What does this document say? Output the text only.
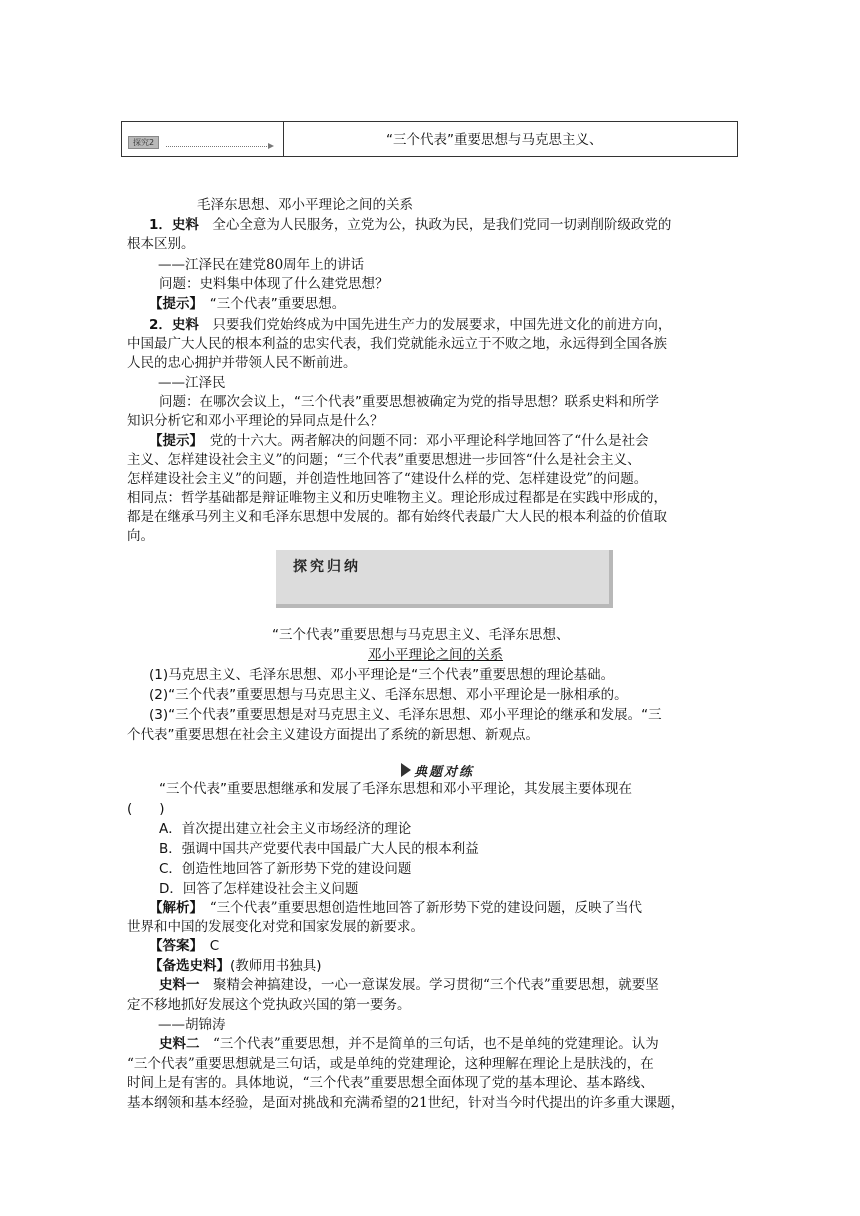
探究2	“三个代表”重要思想与马克思主义、
毛泽东思想、邓小平理论之间的关系
1．史料　 全心全意为人民服务，立党为公，执政为民，是我们党同一切剥削阶级政党的
根本区别。
——江泽民在建党80周年上的讲话
问题：史料集中体现了什么建党思想？
【提示】　 “三个代表”重要思想。
2．史料　 只要我们党始终成为中国先进生产力的发展要求，中国先进文化的前进方向，
中国最广大人民的根本利益的忠实代表，我们党就能永远立于不败之地，永远得到全国各族
人民的忠心拥护并带领人民不断前进。
——江泽民
问题：在哪次会议上，“三个代表”重要思想被确定为党的指导思想？联系史料和所学
知识分析它和邓小平理论的异同点是什么？
【提示】　 党的十六大。两者解决的问题不同：邓小平理论科学地回答了“什么是社会
主义、怎样建设社会主义”的问题；“三个代表”重要思想进一步回答“什么是社会主义、
怎样建设社会主义”的问题，并创造性地回答了“建设什么样的党、怎样建设党”的问题。
相同点：哲学基础都是辩证唯物主义和历史唯物主义。理论形成过程都是在实践中形成的，
都是在继承马列主义和毛泽东思想中发展的。都有始终代表最广大人民的根本利益的价值取
向。
探究归纳
“三个代表”重要思想与马克思主义、毛泽东思想、
邓小平理论之间的关系
(1)马克思主义、毛泽东思想、邓小平理论是“三个代表”重要思想的理论基础。
(2)“三个代表”重要思想与马克思主义、毛泽东思想、邓小平理论是一脉相承的。
(3)“三个代表”重要思想是对马克思主义、毛泽东思想、邓小平理论的继承和发展。“三
个代表”重要思想在社会主义建设方面提出了系统的新思想、新观点。
典题对练
“三个代表”重要思想继承和发展了毛泽东思想和邓小平理论，其发展主要体现在
(　　)
A．首次提出建立社会主义市场经济的理论
B．强调中国共产党要代表中国最广大人民的根本利益
C．创造性地回答了新形势下党的建设问题
D．回答了怎样建设社会主义问题
【解析】　 “三个代表”重要思想创造性地回答了新形势下党的建设问题，反映了当代
世界和中国的发展变化对党和国家发展的新要求。
【答案】　 C
【备选史料】(教师用书独具)
史料一　 聚精会神搞建设，一心一意谋发展。学习贯彻“三个代表”重要思想，就要坚
定不移地抓好发展这个党执政兴国的第一要务。
——胡锦涛
史料二　 “三个代表”重要思想，并不是简单的三句话，也不是单纯的党建理论。认为
“三个代表”重要思想就是三句话，或是单纯的党建理论，这种理解在理论上是肤浅的，在
时间上是有害的。具体地说，“三个代表”重要思想全面体现了党的基本理论、基本路线、
基本纲领和基本经验，是面对挑战和充满希望的21世纪，针对当今时代提出的许多重大课题，
